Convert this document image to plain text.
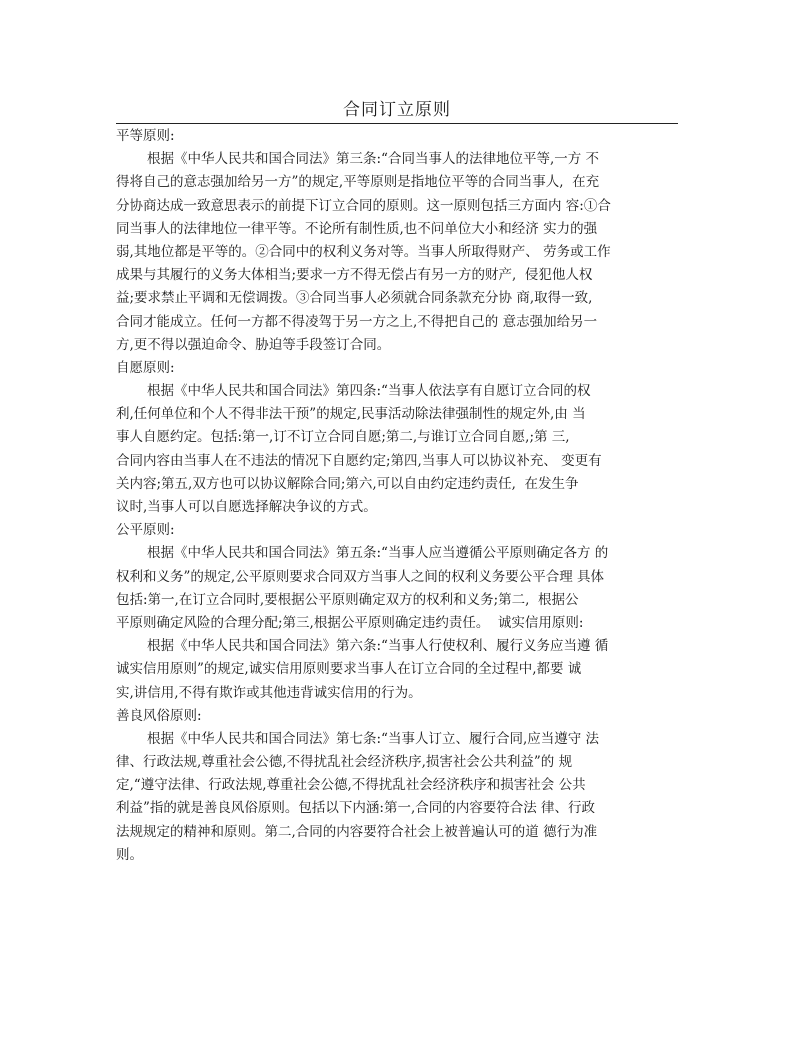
合同订立原则
平等原则:
根据《中华人民共和国合同法》第三条:“合同当事人的法律地位平等,一方 不
得将自己的意志强加给另一方”的规定,平等原则是指地位平等的合同当事人,  在充
分协商达成一致意思表示的前提下订立合同的原则。这一原则包括三方面内 容:①合
同当事人的法律地位一律平等。不论所有制性质,也不问单位大小和经济 实力的强
弱,其地位都是平等的。②合同中的权利义务对等。当事人所取得财产、 劳务或工作
成果与其履行的义务大体相当;要求一方不得无偿占有另一方的财产,  侵犯他人权
益;要求禁止平调和无偿调拨。③合同当事人必须就合同条款充分协 商,取得一致,
合同才能成立。任何一方都不得凌驾于另一方之上,不得把自己的 意志强加给另一
方,更不得以强迫命令、胁迫等手段签订合同。
自愿原则:
根据《中华人民共和国合同法》第四条:“当事人依法享有自愿订立合同的权
利,任何单位和个人不得非法干预”的规定,民事活动除法律强制性的规定外,由 当
事人自愿约定。包括:第一,订不订立合同自愿;第二,与谁订立合同自愿,;第 三,
合同内容由当事人在不违法的情况下自愿约定;第四,当事人可以协议补充、 变更有
关内容;第五,双方也可以协议解除合同;第六,可以自由约定违约责任,  在发生争
议时,当事人可以自愿选择解决争议的方式。
公平原则:
根据《中华人民共和国合同法》第五条:“当事人应当遵循公平原则确定各方 的
权利和义务”的规定,公平原则要求合同双方当事人之间的权利义务要公平合理 具体
包括:第一,在订立合同时,要根据公平原则确定双方的权利和义务;第二,  根据公
平原则确定风险的合理分配;第三,根据公平原则确定违约责任。  诚实信用原则:
根据《中华人民共和国合同法》第六条:“当事人行使权利、履行义务应当遵 循
诚实信用原则”的规定,诚实信用原则要求当事人在订立合同的全过程中,都要 诚
实,讲信用,不得有欺诈或其他违背诚实信用的行为。
善良风俗原则:
根据《中华人民共和国合同法》第七条:“当事人订立、履行合同,应当遵守 法
律、行政法规,尊重社会公德,不得扰乱社会经济秩序,损害社会公共利益”的 规
定,“遵守法律、行政法规,尊重社会公德,不得扰乱社会经济秩序和损害社会 公共
利益”指的就是善良风俗原则。包括以下内涵:第一,合同的内容要符合法 律、行政
法规规定的精神和原则。第二,合同的内容要符合社会上被普遍认可的道 德行为准
则。
